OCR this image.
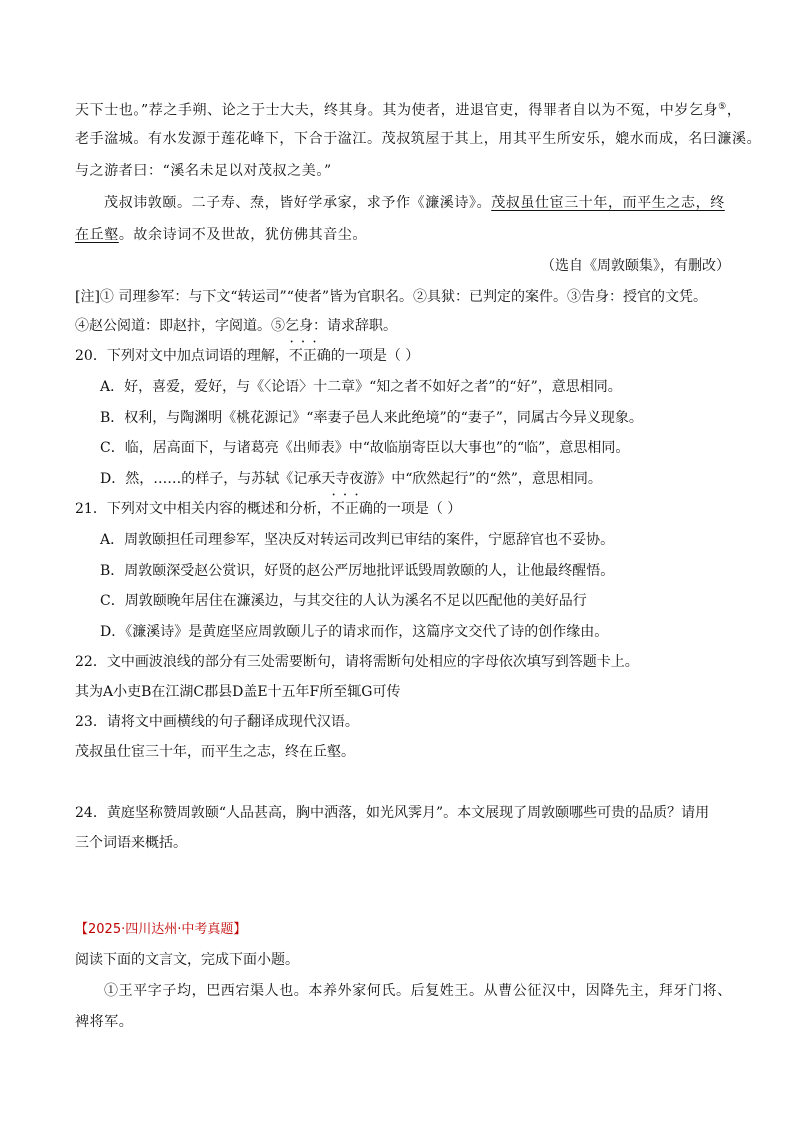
天下士也。”荐之手朔、论之于士大夫，终其身。其为使者，进退官吏，得罪者自以为不冤，中岁乞身⑤，
老手湓城。有水发源于莲花峰下，下合于湓江。茂叔筑屋于其上，用其平生所安乐，媲水而成，名曰濂溪。
与之游者曰：“溪名未足以对茂叔之美。”
茂叔讳敦颐。二子寿、焘，皆好学承家，求予作《濂溪诗》。茂叔虽仕宦三十年，而平生之志，终
在丘壑。故余诗词不及世故，犹仿佛其音尘。
（选自《周敦颐集》，有删改）
[注]① 司理参军：与下文“转运司”“使者”皆为官职名。②具狱：已判定的案件。③告身：授官的文凭。
④赵公阅道：即赵抃，字阅道。⑤乞身：请求辞职。
20．下列对文中加点词语的理解，不正确 • • •的一项是（ ）
A．好，喜爱，爱好，与《〈论语〉十二章》“知之者不如好之者”的“好”，意思相同。
B．权利，与陶渊明《桃花源记》“率妻子邑人来此绝境”的“妻子”，同属古今异义现象。
C．临，居高面下，与诸葛亮《出师表》中“故临崩寄臣以大事也”的“临”，意思相同。
D．然，……的样子，与苏轼《记承天寺夜游》中“欣然起行”的“然”，意思相同。
21．下列对文中相关内容的概述和分析，不正确 • • •的一项是（ ）
A．周敦颐担任司理参军，坚决反对转运司改判已审结的案件，宁愿辞官也不妥协。
B．周敦颐深受赵公赏识，好贤的赵公严厉地批评诋毁周敦颐的人，让他最终醒悟。
C．周敦颐晚年居住在濂溪边，与其交往的人认为溪名不足以匹配他的美好品行
D．《濂溪诗》是黄庭坚应周敦颐儿子的请求而作，这篇序文交代了诗的创作缘由。
22．文中画波浪线的部分有三处需要断句，请将需断句处相应的字母依次填写到答题卡上。
其为A小吏B在江湖C郡县D盖E十五年F所至辄G可传
23．请将文中画横线的句子翻译成现代汉语。
茂叔虽仕宦三十年，而平生之志，终在丘壑。
24．黄庭坚称赞周敦颐“人品甚高，胸中洒落，如光风霁月”。本文展现了周敦颐哪些可贵的品质？请用
三个词语来概括。
【2025·四川达州·中考真题】
阅读下面的文言文，完成下面小题。
①王平字子均，巴西宕渠人也。本养外家何氏。后复姓王。从曹公征汉中，因降先主，拜牙门将、
裨将军。
